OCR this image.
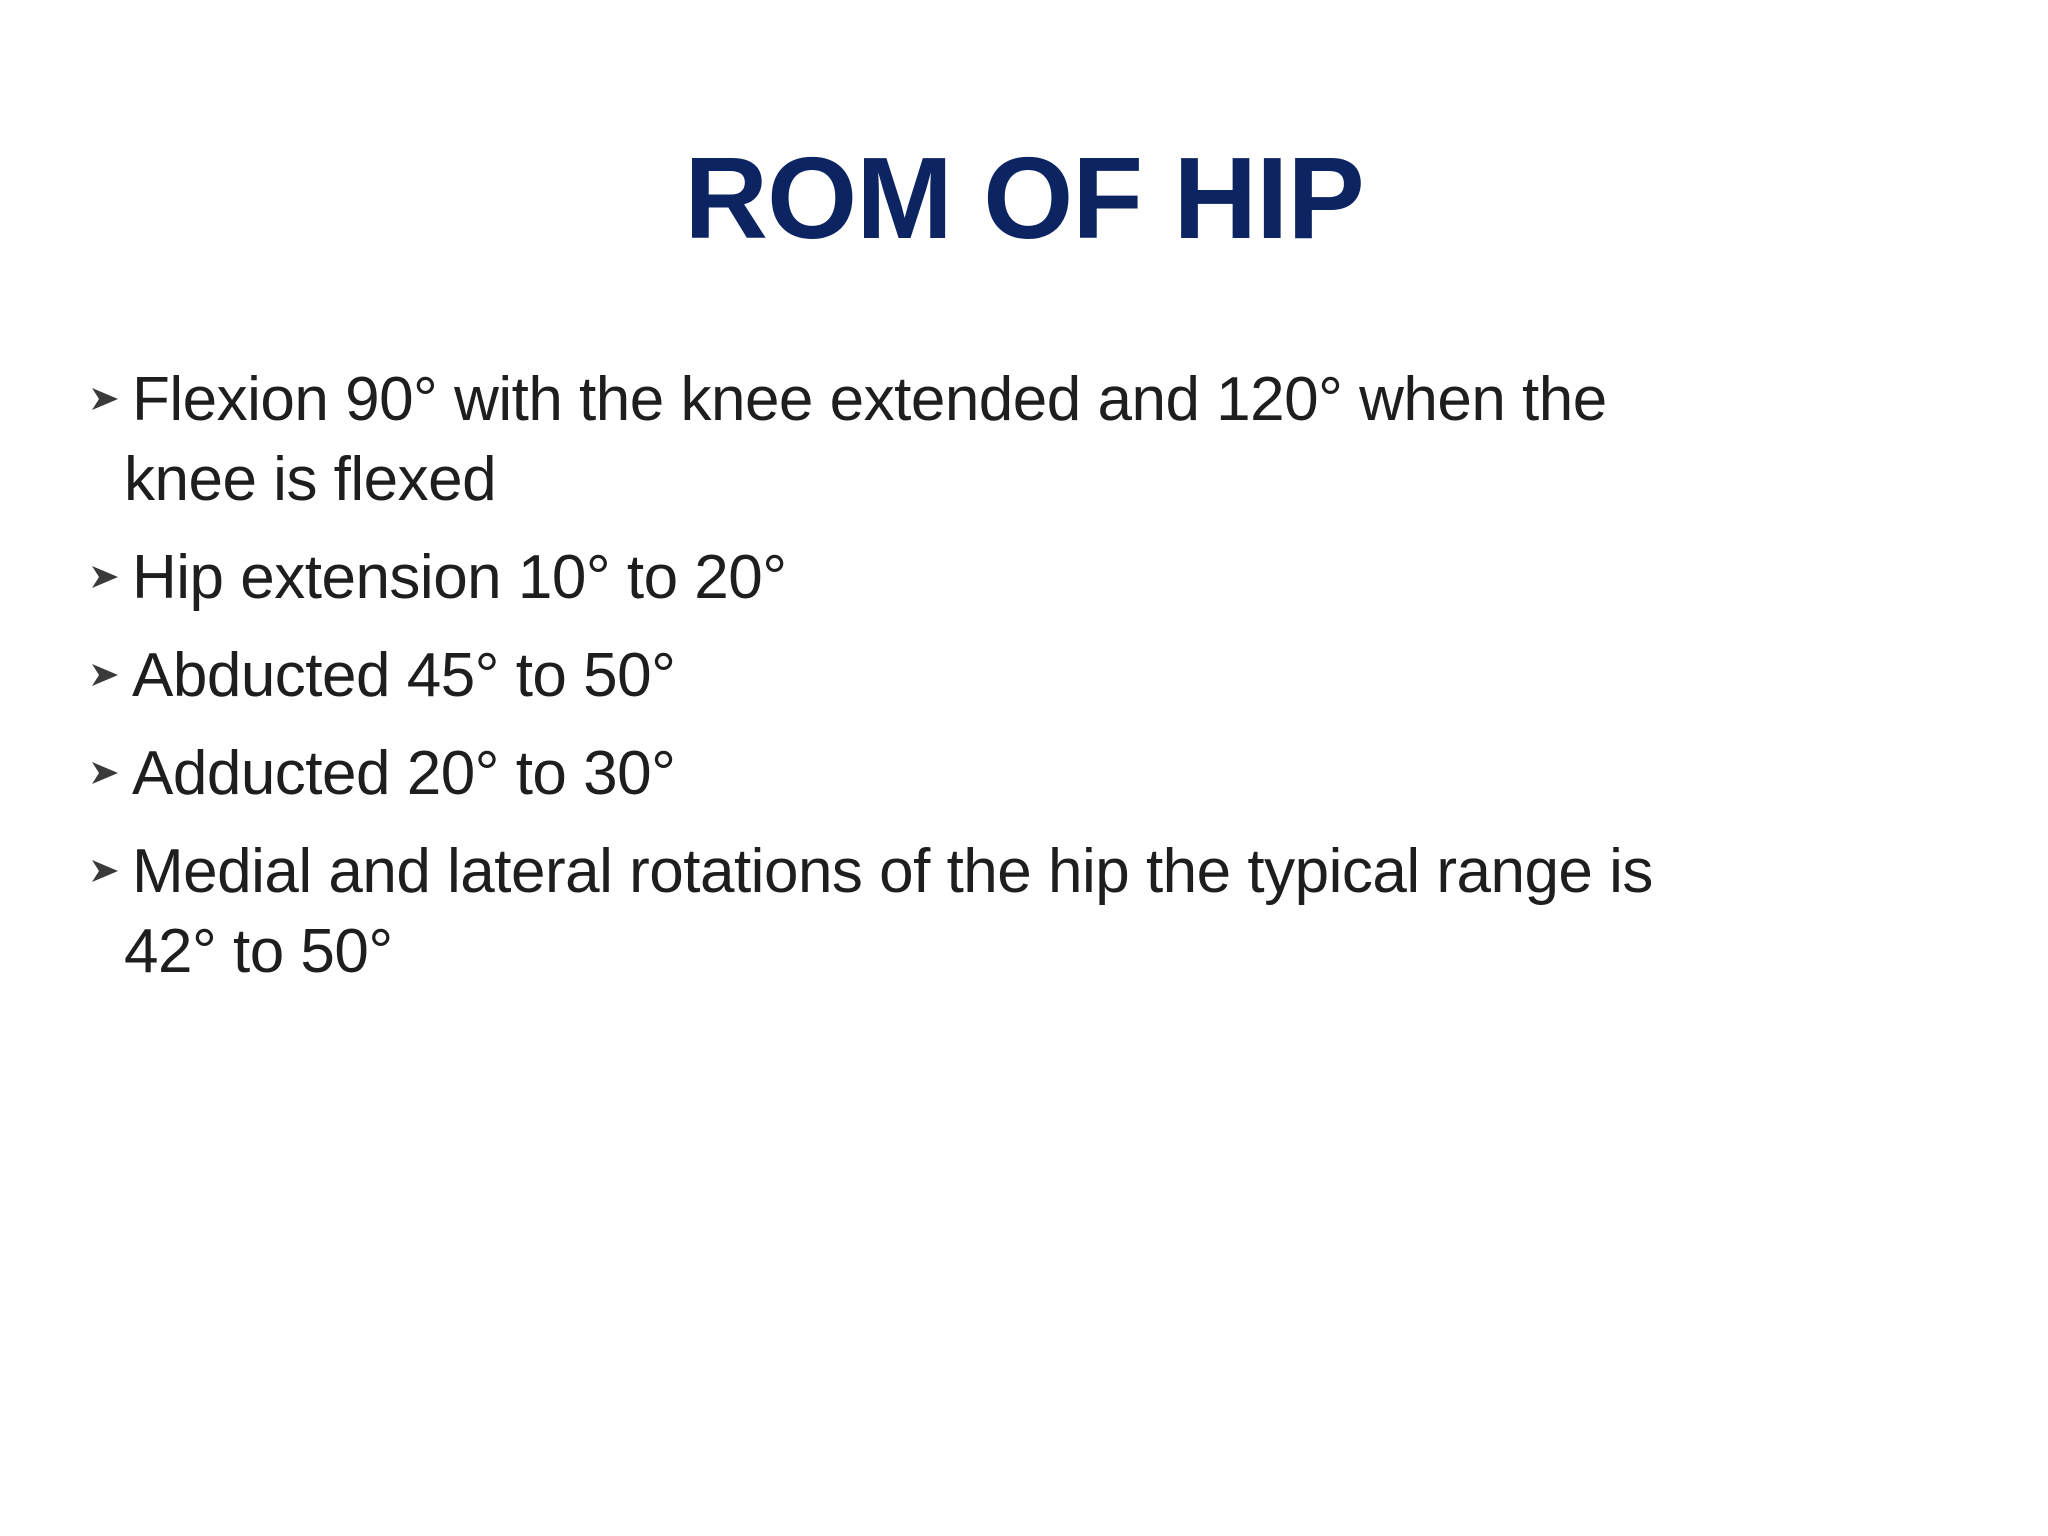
ROM OF HIP
Flexion 90° with the knee extended and 120° when the
knee is flexed
Hip extension 10° to 20°
Abducted 45° to 50°
Adducted 20° to 30°
Medial and lateral rotations of the hip the typical range is
42° to 50°
